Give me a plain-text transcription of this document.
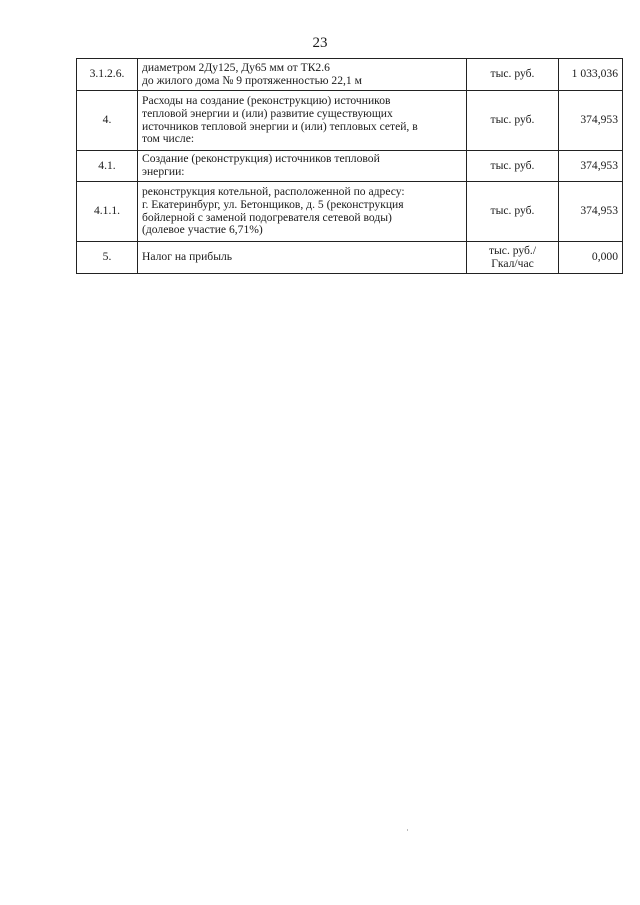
23
3.1.2.6.	диаметром 2Ду125, Ду65 мм от ТК2.6
до жилого дома № 9 протяженностью 22,1 м	тыс. руб.	1 033,036
4.	Расходы на создание (реконструкцию) источников
тепловой энергии и (или) развитие существующих
источников тепловой энергии и (или) тепловых сетей, в
том числе:	тыс. руб.	374,953
4.1.	Создание (реконструкция) источников тепловой
энергии:	тыс. руб.	374,953
4.1.1.	реконструкция котельной, расположенной по адресу:
г. Екатеринбург, ул. Бетонщиков, д. 5 (реконструкция
бойлерной с заменой подогревателя сетевой воды)
(долевое участие 6,71%)	тыс. руб.	374,953
5.	Налог на прибыль	тыс. руб./
Гкал/час	0,000
